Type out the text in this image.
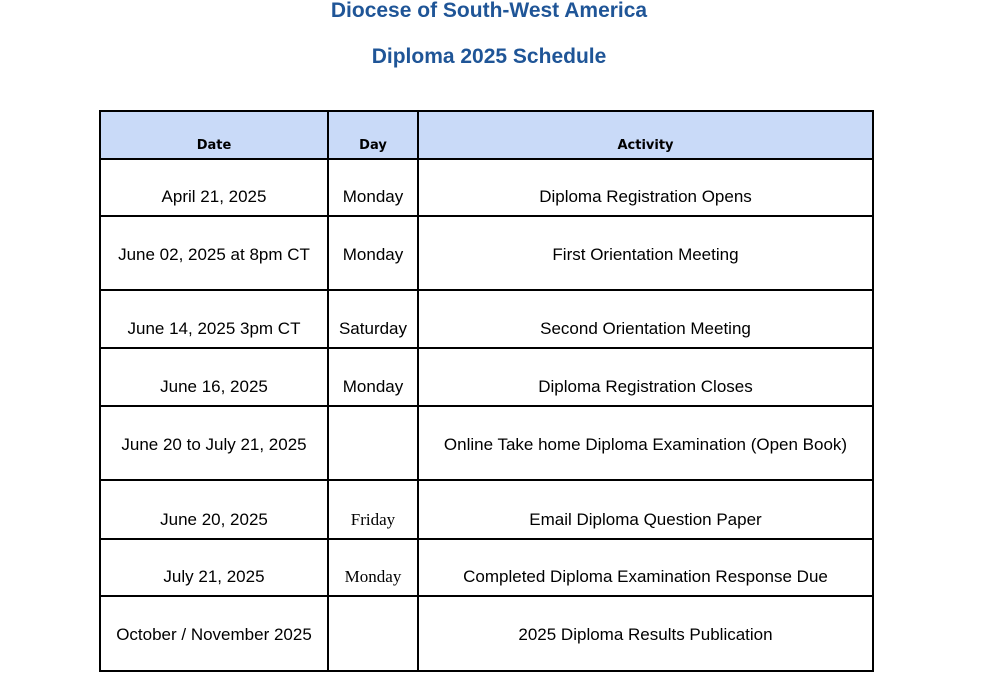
Diocese of South-West America
Diploma 2025 Schedule
Date	Day	Activity
April 21, 2025	Monday	Diploma Registration Opens
June 02, 2025 at 8pm CT	Monday	First Orientation Meeting
June 14, 2025 3pm CT	Saturday	Second Orientation Meeting
June 16, 2025	Monday	Diploma Registration Closes
June 20 to July 21, 2025		Online Take home Diploma Examination (Open Book)
June 20, 2025	Friday	Email Diploma Question Paper
July 21, 2025	Monday	Completed Diploma Examination Response Due
October / November 2025		2025 Diploma Results Publication
